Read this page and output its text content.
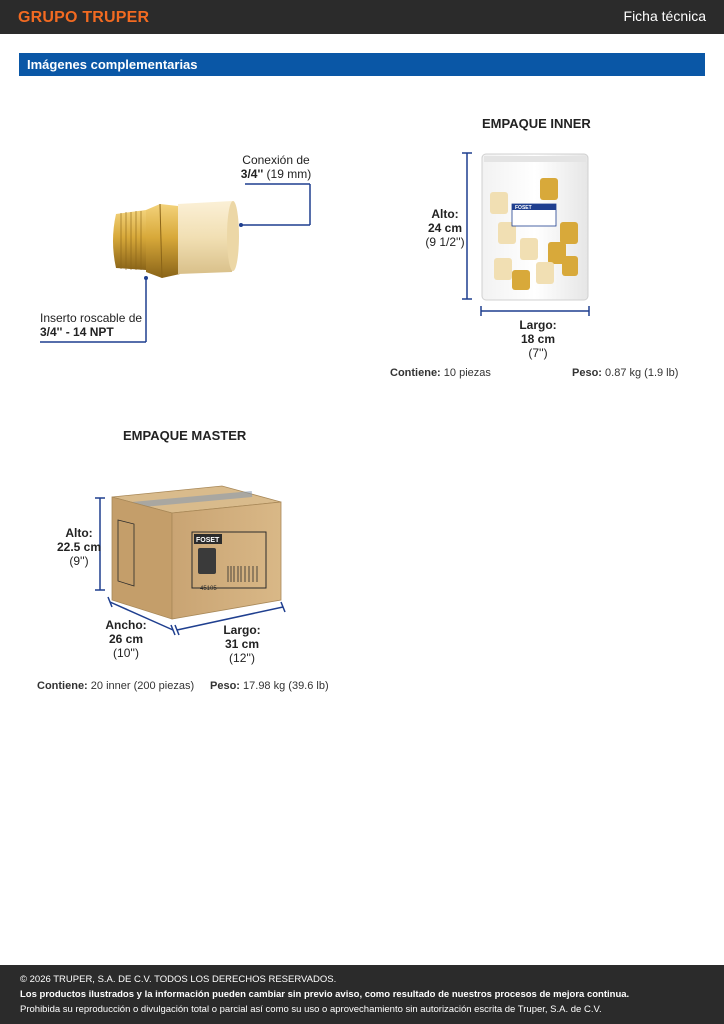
GRUPO TRUPER	Ficha técnica
Imágenes complementarias
FOSET
Conexión de
3/4'' (19 mm)
Inserto roscable de
3/4'' - 14 NPT
EMPAQUE INNER
Alto:
24 cm
(9 1/2'')
Largo:
18 cm
(7'')
Contiene: 10 piezas	Peso: 0.87 kg (1.9 lb)
FOSET
45105
EMPAQUE MASTER
Alto:
22.5 cm
(9'')
Ancho:
26 cm
(10'')
Largo:
31 cm
(12'')
Contiene: 20 inner (200 piezas) Peso: 17.98 kg (39.6 lb)
© 2026 TRUPER, S.A. DE C.V. TODOS LOS DERECHOS RESERVADOS.
Los productos ilustrados y la información pueden cambiar sin previo aviso, como resultado de nuestros procesos de mejora continua.
Prohibida su reproducción o divulgación total o parcial así como su uso o aprovechamiento sin autorización escrita de Truper, S.A. de C.V.
